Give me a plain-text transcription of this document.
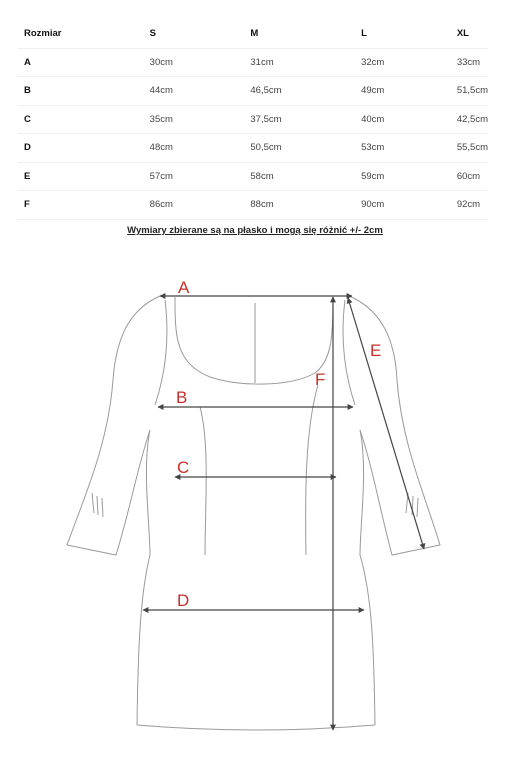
Rozmiar	S	M	L	XL
A	30cm	31cm	32cm	33cm
B	44cm	46,5cm	49cm	51,5cm
C	35cm	37,5cm	40cm	42,5cm
D	48cm	50,5cm	53cm	55,5cm
E	57cm	58cm	59cm	60cm
F	86cm	88cm	90cm	92cm
Wymiary zbierane są na płasko i mogą się różnić +/- 2cm
A
B
C
D
E
F
